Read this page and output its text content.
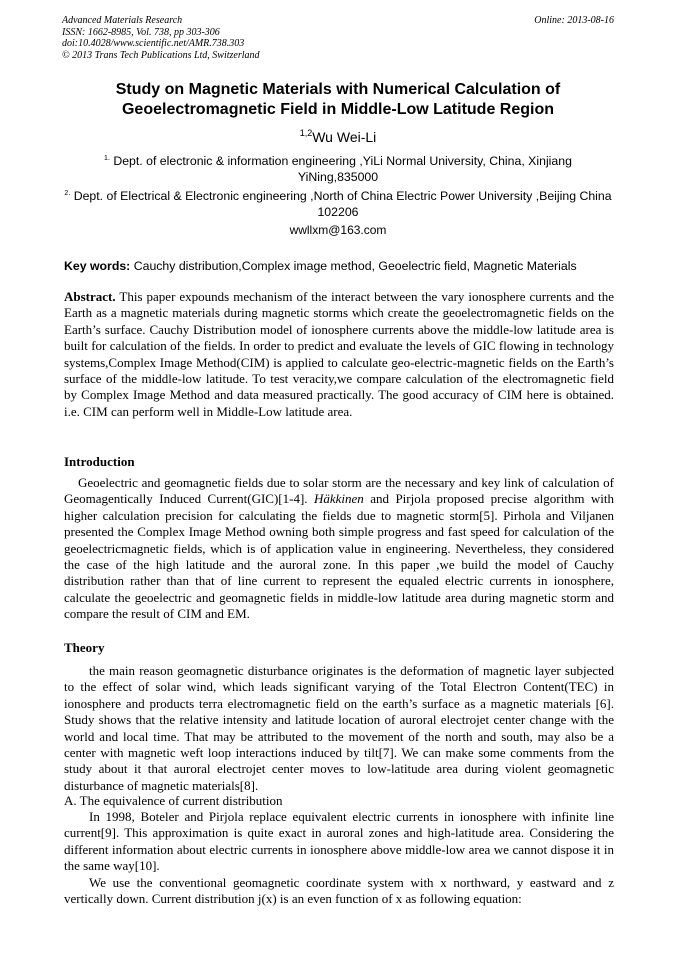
Advanced Materials Research
ISSN: 1662-8985, Vol. 738, pp 303-306
doi:10.4028/www.scientific.net/AMR.738.303
© 2013 Trans Tech Publications Ltd, Switzerland
Online: 2013-08-16
Study on Magnetic Materials with Numerical Calculation of
Geoelectromagnetic Field in Middle-Low Latitude Region
$^{1,2}$Wu Wei-Li
$^{1.}$ Dept. of electronic & information engineering ,YiLi Normal University, China, Xinjiang
YiNing,835000
$^{2.}$ Dept. of Electrical & Electronic engineering ,North of China Electric Power University ,Beijing China
102206
wwllxm@163.com
Key words: Cauchy distribution,Complex image method, Geoelectric field, Magnetic Materials
Abstract. This paper expounds mechanism of the interact between the vary ionosphere currents and the Earth as a magnetic materials during magnetic storms which create the geoelectromagnetic fields on the Earth’s surface. Cauchy Distribution model of ionosphere currents above the middle-low latitude area is built for calculation of the fields. In order to predict and evaluate the levels of GIC flowing in technology systems,Complex Image Method(CIM) is applied to calculate geo-electric-magnetic fields on the Earth’s surface of the middle-low latitude. To test veracity,we compare calculation of the electromagnetic field by Complex Image Method and data measured practically. The good accuracy of CIM here is obtained. i.e. CIM can perform well in Middle-Low latitude area.
Introduction
Geoelectric and geomagnetic fields due to solar storm are the necessary and key link of calculation of Geomagentically Induced Current(GIC)[1-4]. Häkkinen and Pirjola proposed precise algorithm with higher calculation precision for calculating the fields due to magnetic storm[5]. Pirhola and Viljanen presented the Complex Image Method owning both simple progress and fast speed for calculation of the geoelectricmagnetic fields, which is of application value in engineering. Nevertheless, they considered the case of the high latitude and the auroral zone. In this paper ,we build the model of Cauchy distribution rather than that of line current to represent the equaled electric currents in ionosphere, calculate the geoelectric and geomagnetic fields in middle-low latitude area during magnetic storm and compare the result of CIM and EM.
Theory
the main reason geomagnetic disturbance originates is the deformation of magnetic layer subjected to the effect of solar wind, which leads significant varying of the Total Electron Content(TEC) in ionosphere and products terra electromagnetic field on the earth’s surface as a magnetic materials [6]. Study shows that the relative intensity and latitude location of auroral electrojet center change with the world and local time. That may be attributed to the movement of the north and south, may also be a center with magnetic weft loop interactions induced by tilt[7]. We can make some comments from the study about it that auroral electrojet center moves to low-latitude area during violent geomagnetic disturbance of magnetic materials[8].
A. The equivalence of current distribution
In 1998, Boteler and Pirjola replace equivalent electric currents in ionosphere with infinite line current[9]. This approximation is quite exact in auroral zones and high-latitude area. Considering the different information about electric currents in ionosphere above middle-low area we cannot dispose it in the same way[10].
We use the conventional geomagnetic coordinate system with x northward, y eastward and z vertically down. Current distribution j(x) is an even function of x as following equation:
